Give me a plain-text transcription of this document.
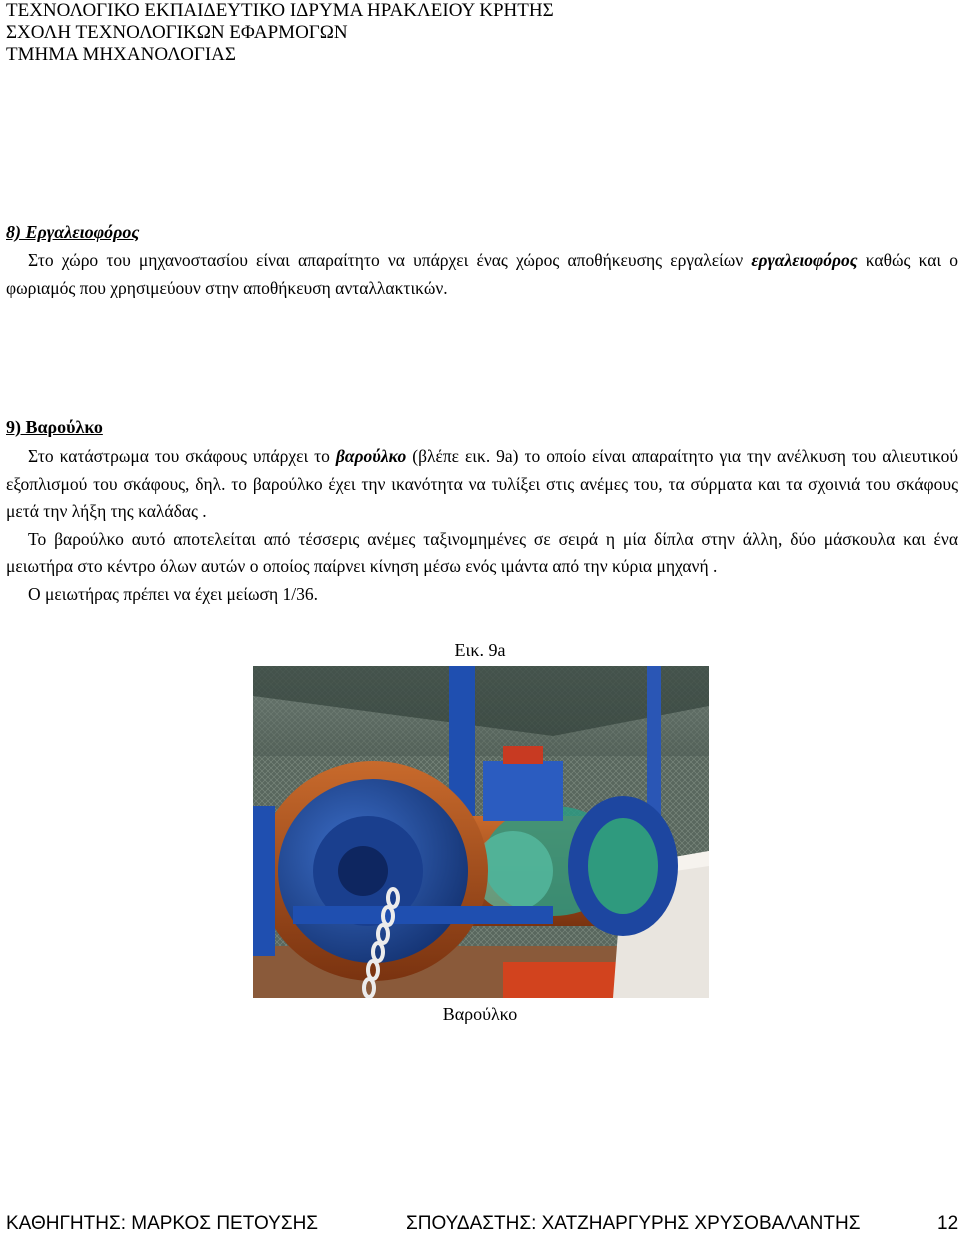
ΤΕΧΝΟΛΟΓΙΚΟ ΕΚΠΑΙΔΕΥΤΙΚΟ ΙΔΡΥΜΑ ΗΡΑΚΛΕΙΟΥ ΚΡΗΤΗΣ
ΣΧΟΛΗ ΤΕΧΝΟΛΟΓΙΚΩΝ ΕΦΑΡΜΟΓΩΝ
ΤΜΗΜΑ ΜΗΧΑΝΟΛΟΓΙΑΣ
8) Εργαλειοφόρος

Στο χώρο του μηχανοστασίου είναι απαραίτητο να υπάρχει ένας χώρος αποθήκευσης εργαλείων εργαλειοφόρος καθώς και ο φωριαμός που χρησιμεύουν στην αποθήκευση ανταλλακτικών.

9) Βαρούλκο

Στο κατάστρωμα του σκάφους υπάρχει το βαρούλκο (βλέπε εικ. 9a) το οποίο είναι απαραίτητο για την ανέλκυση του αλιευτικού εξοπλισμού του σκάφους, δηλ. το βαρούλκο έχει την ικανότητα να τυλίξει στις ανέμες του, τα σύρματα και τα σχοινιά του σκάφους μετά την λήξη της καλάδας .

Το βαρούλκο αυτό αποτελείται από τέσσερις ανέμες ταξινομημένες σε σειρά η μία δίπλα στην άλλη, δύο μάσκουλα και ένα μειωτήρα στο κέντρο όλων αυτών ο οποίος παίρνει κίνηση μέσω ενός ιμάντα από την κύρια μηχανή .

Ο μειωτήρας πρέπει να έχει μείωση 1/36.

Εικ. 9a
Βαρούλκο
ΚΑΘΗΓΗΤΗΣ: ΜΑΡΚΟΣ ΠΕΤΟΥΣΗΣ	ΣΠΟΥΔΑΣΤΗΣ: ΧΑΤΖΗΑΡΓΥΡΗΣ ΧΡΥΣΟΒΑΛΑΝΤΗΣ	12
